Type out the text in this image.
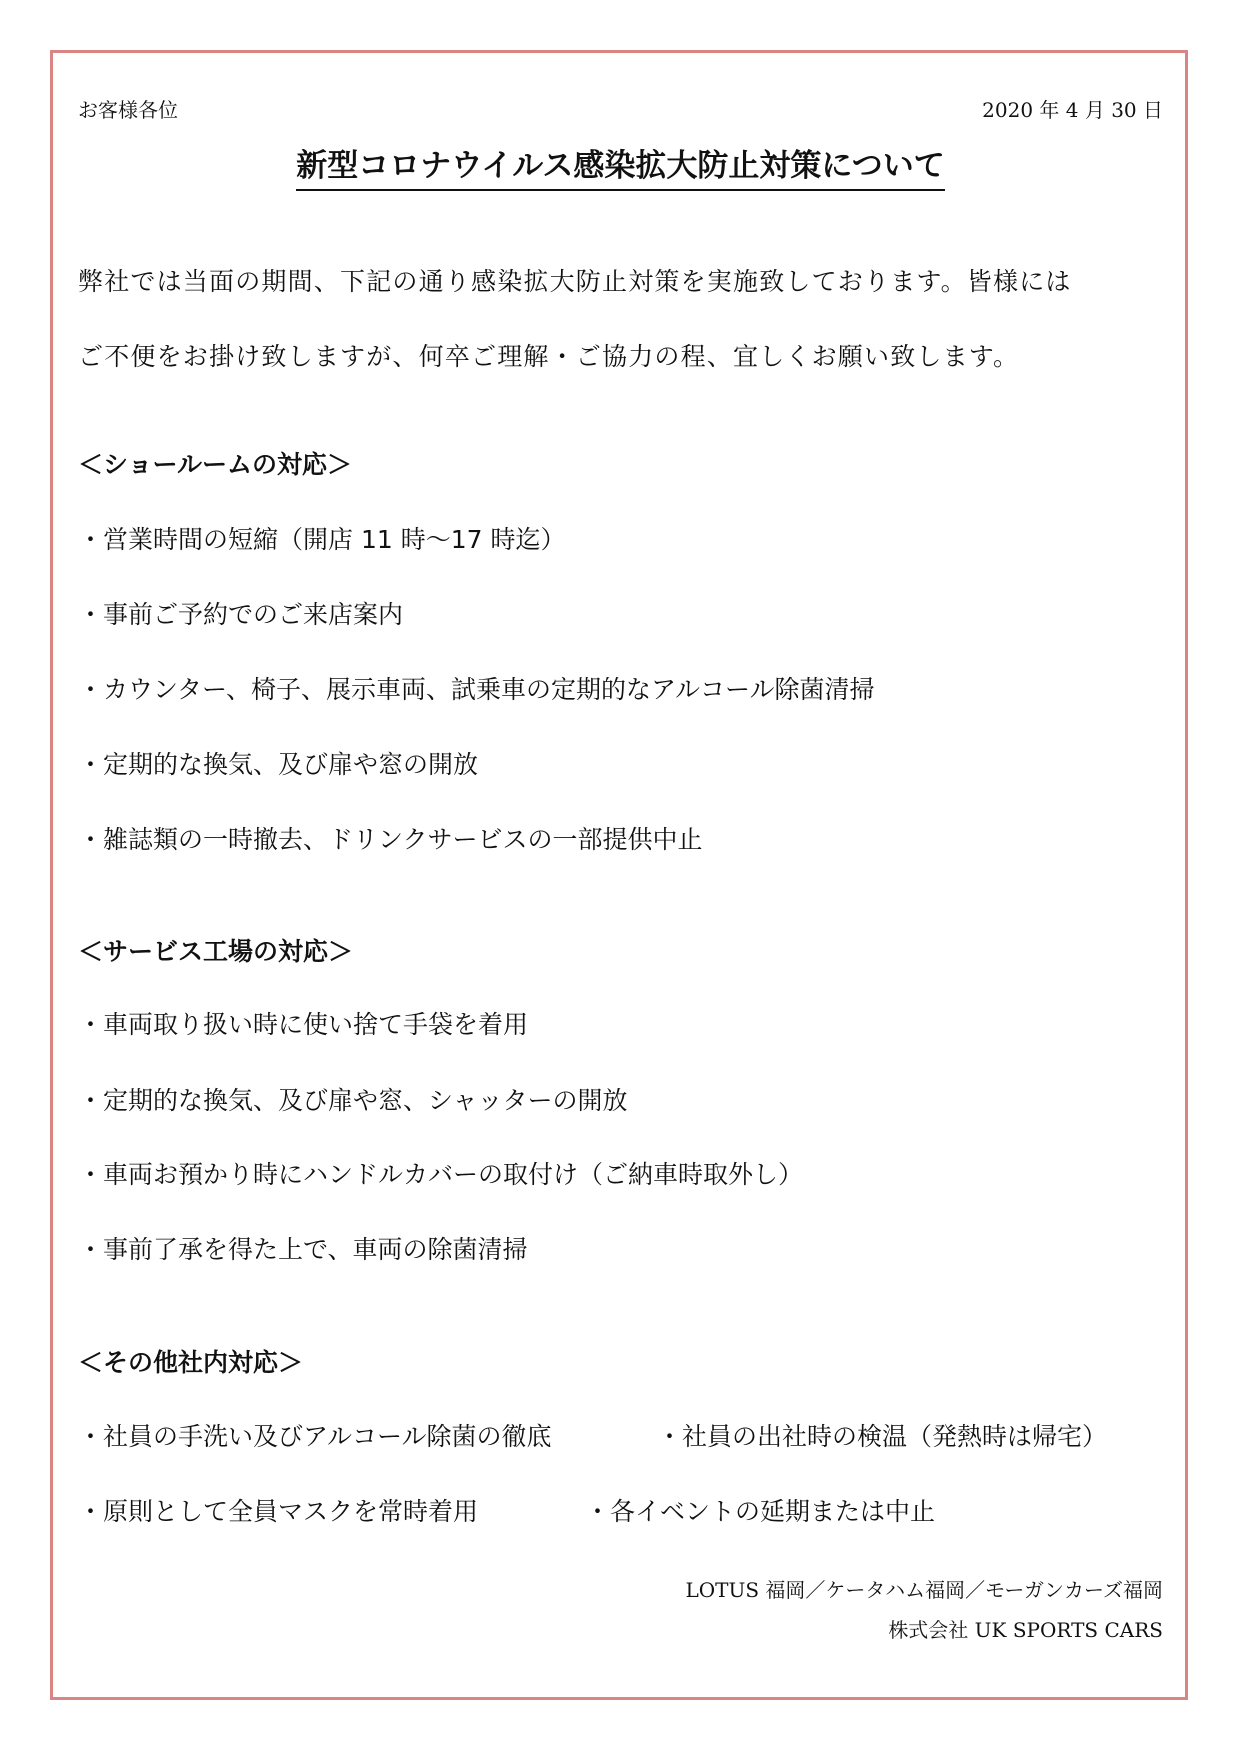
お客様各位	2020 年 4 月 30 日
新型コロナウイルス感染拡大防止対策について
弊社では当面の期間、下記の通り感染拡大防止対策を実施致しております。皆様には
ご不便をお掛け致しますが、何卒ご理解・ご協力の程、宜しくお願い致します。
＜ショールームの対応＞
・営業時間の短縮（開店 11 時〜17 時迄）
・事前ご予約でのご来店案内
・カウンター、椅子、展示車両、試乗車の定期的なアルコール除菌清掃
・定期的な換気、及び扉や窓の開放
・雑誌類の一時撤去、ドリンクサービスの一部提供中止
＜サービス工場の対応＞
・車両取り扱い時に使い捨て手袋を着用
・定期的な換気、及び扉や窓、シャッターの開放
・車両お預かり時にハンドルカバーの取付け（ご納車時取外し）
・事前了承を得た上で、車両の除菌清掃
＜その他社内対応＞
・社員の手洗い及びアルコール除菌の徹底	・社員の出社時の検温（発熱時は帰宅）
・原則として全員マスクを常時着用	・各イベントの延期または中止
LOTUS 福岡／ケータハム福岡／モーガンカーズ福岡
株式会社 UK SPORTS CARS
